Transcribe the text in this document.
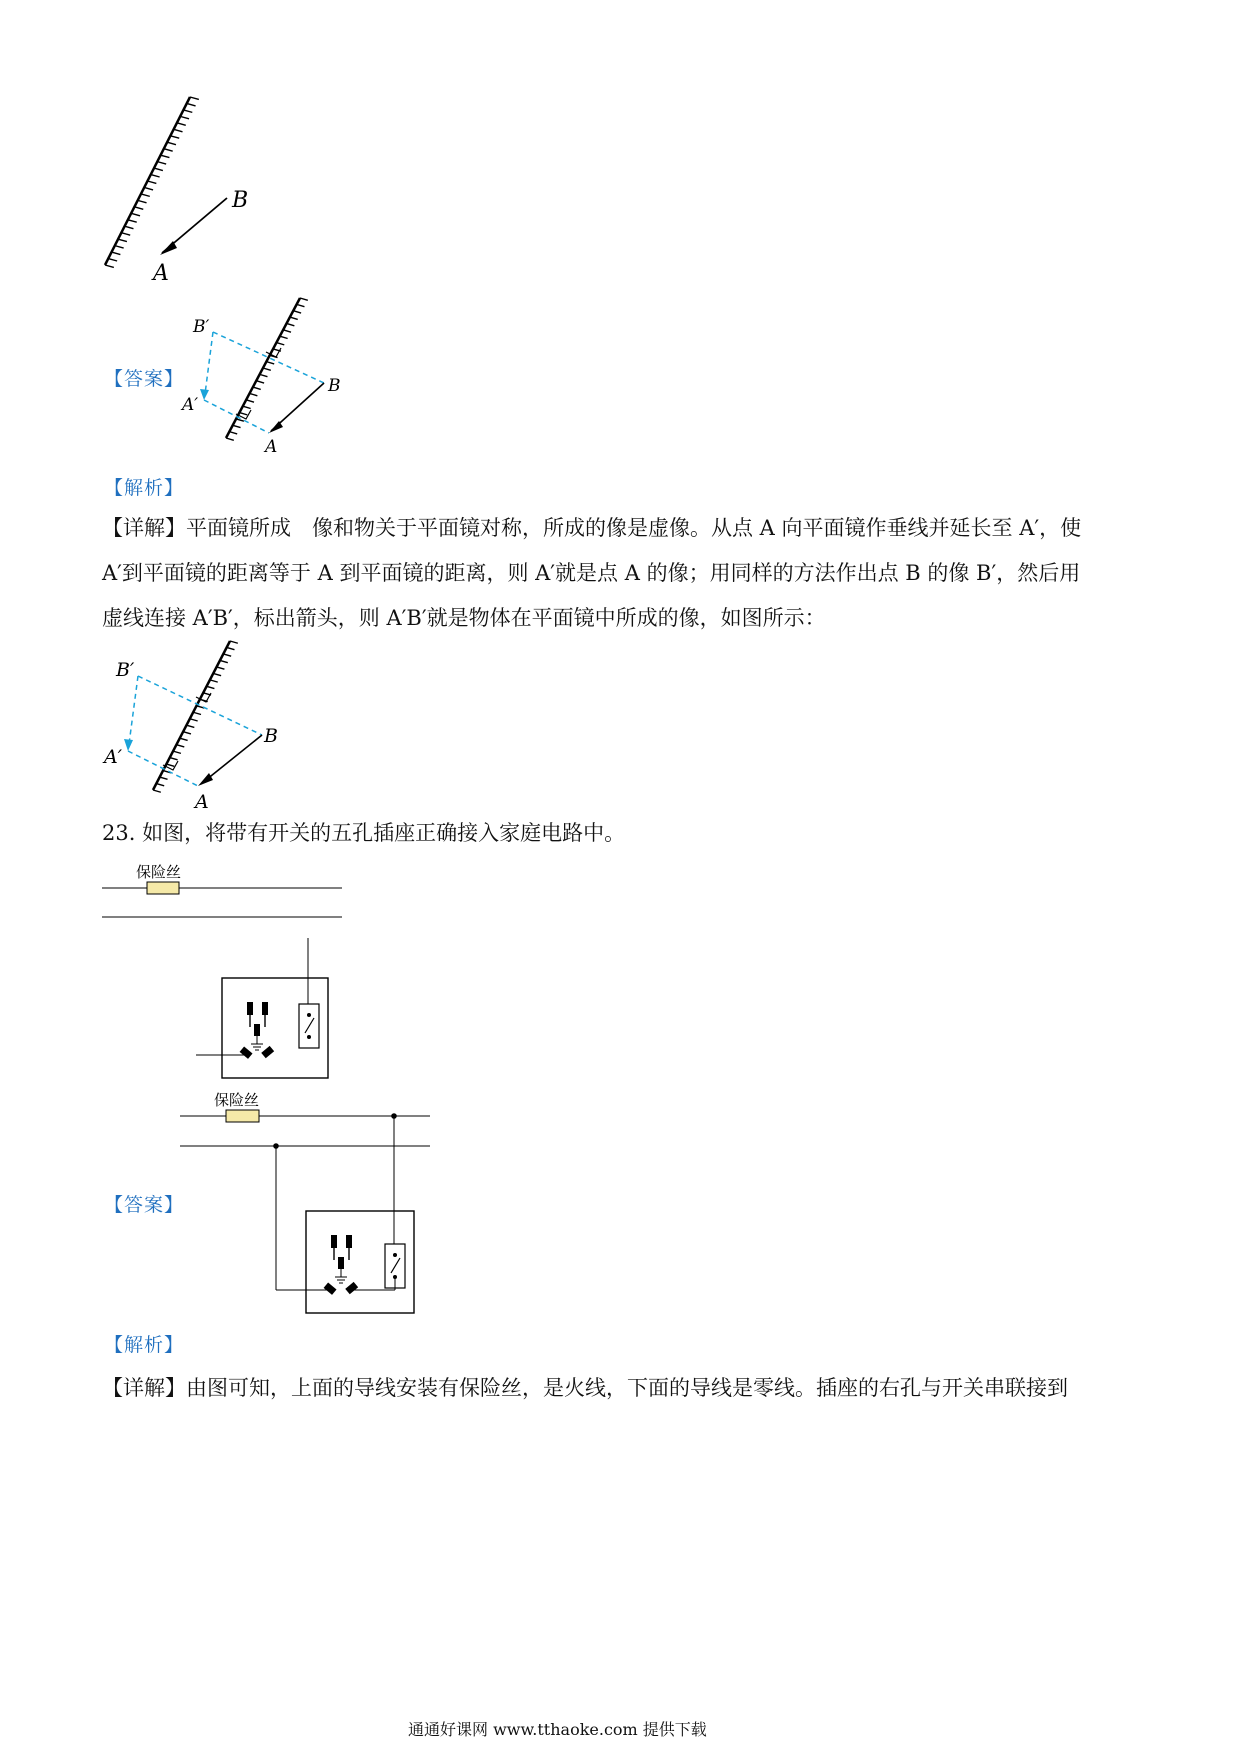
B
A
【答案】
B′
A′
B
A
【解析】
【详解】平面镜所成　像和物关于平面镜对称，所成的像是虚像。从点 A 向平面镜作垂线并延长至 A′，使
A′到平面镜的距离等于 A 到平面镜的距离，则 A′就是点 A 的像；用同样的方法作出点 B 的像 B′，然后用
虚线连接 A′B′，标出箭头，则 A′B′就是物体在平面镜中所成的像，如图所示：
B′
A′
B
A
23. 如图，将带有开关的五孔插座正确接入家庭电路中。
保险丝
【答案】
保险丝
【解析】
【详解】由图可知，上面的导线安装有保险丝，是火线，下面的导线是零线。插座的右孔与开关串联接到
通通好课网 www.tthaoke.com 提供下载
